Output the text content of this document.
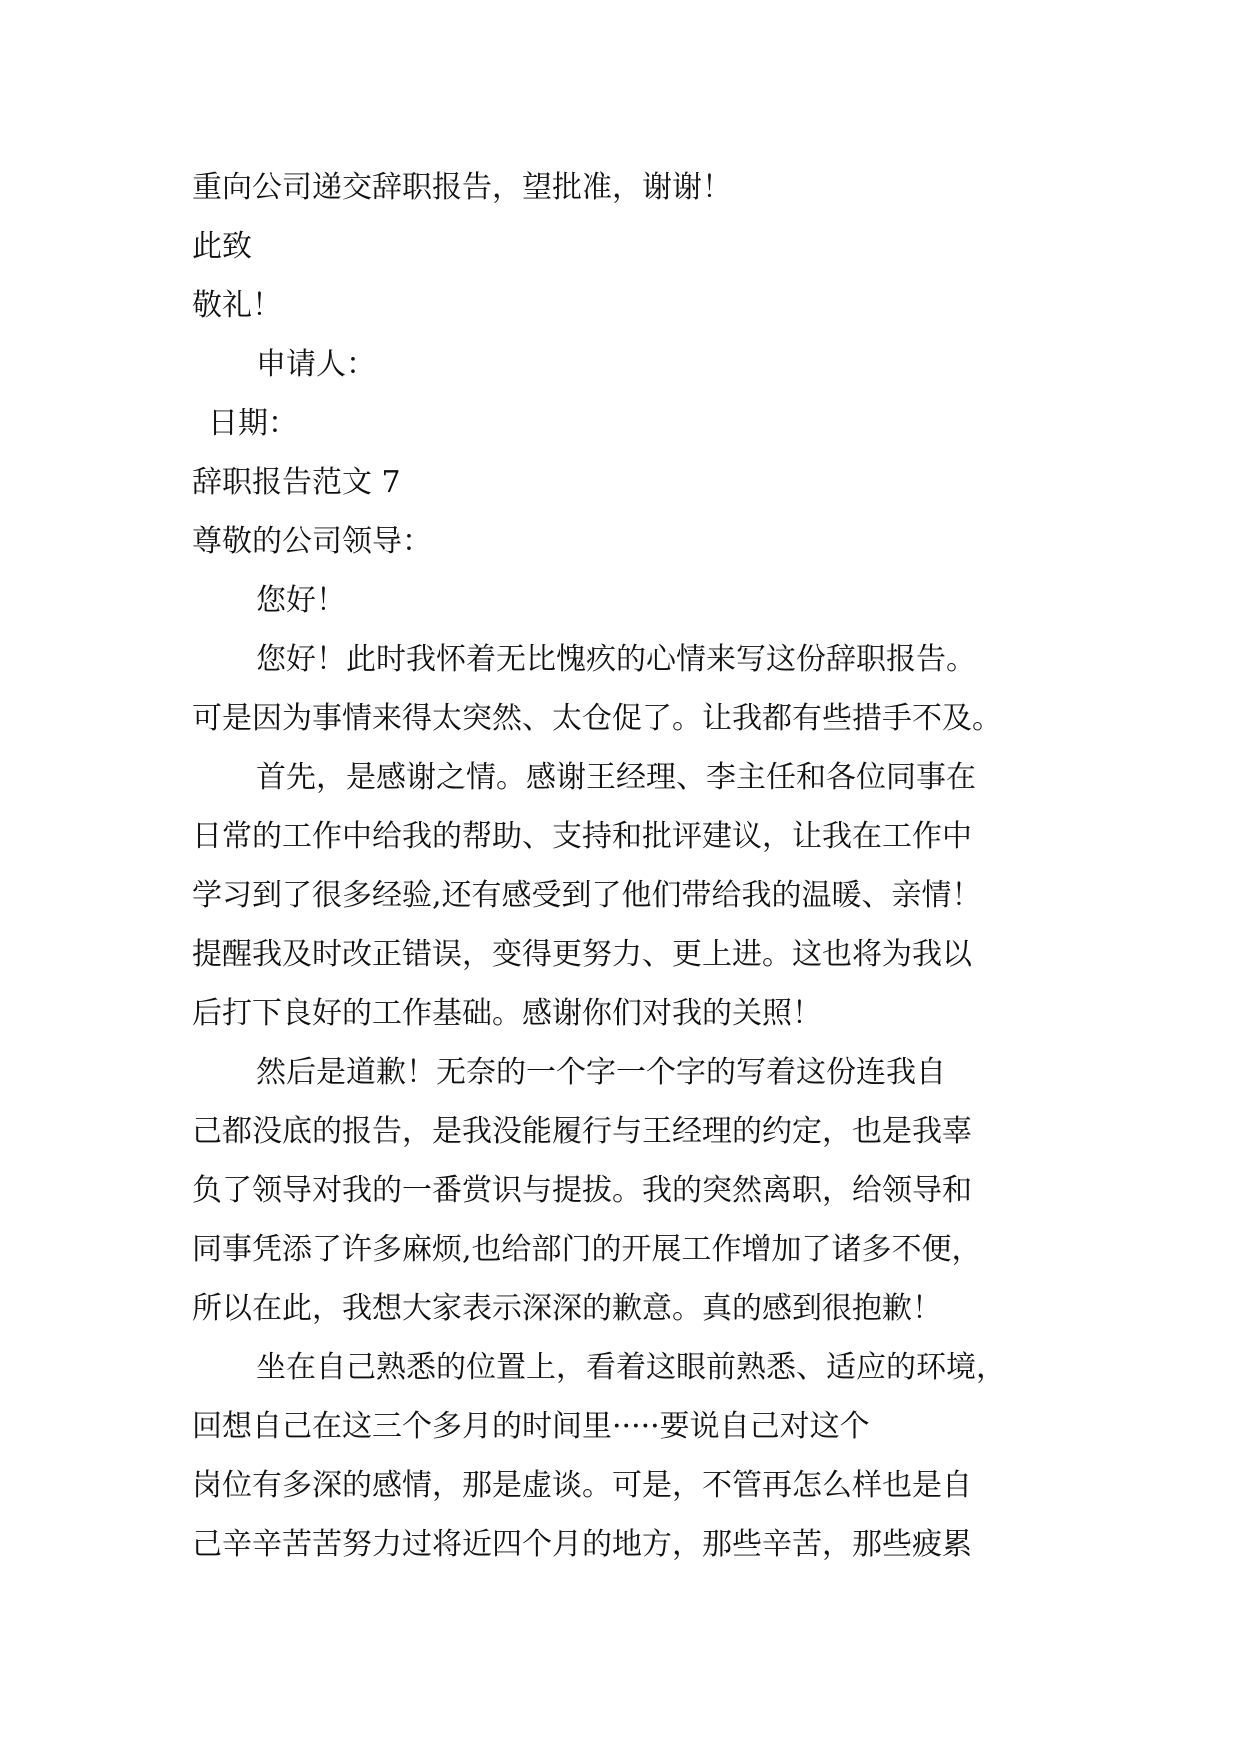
重向公司递交辞职报告，望批准，谢谢！
此致
敬礼！
申请人：
日期：
辞职报告范文 7
尊敬的公司领导：
您好！
您好！此时我怀着无比愧疚的心情来写这份辞职报告。
可是因为事情来得太突然、太仓促了。让我都有些措手不及。
首先，是感谢之情。感谢王经理、李主任和各位同事在
日常的工作中给我的帮助、支持和批评建议，让我在工作中
学习到了很多经验,还有感受到了他们带给我的温暖、亲情！
提醒我及时改正错误，变得更努力、更上进。这也将为我以
后打下良好的工作基础。感谢你们对我的关照！
然后是道歉！无奈的一个字一个字的写着这份连我自
己都没底的报告，是我没能履行与王经理的约定，也是我辜
负了领导对我的一番赏识与提拔。我的突然离职，给领导和
同事凭添了许多麻烦,也给部门的开展工作增加了诸多不便，
所以在此，我想大家表示深深的歉意。真的感到很抱歉！
坐在自己熟悉的位置上，看着这眼前熟悉、适应的环境，
回想自己在这三个多月的时间里·····要说自己对这个
岗位有多深的感情，那是虚谈。可是，不管再怎么样也是自
己辛辛苦苦努力过将近四个月的地方，那些辛苦，那些疲累
